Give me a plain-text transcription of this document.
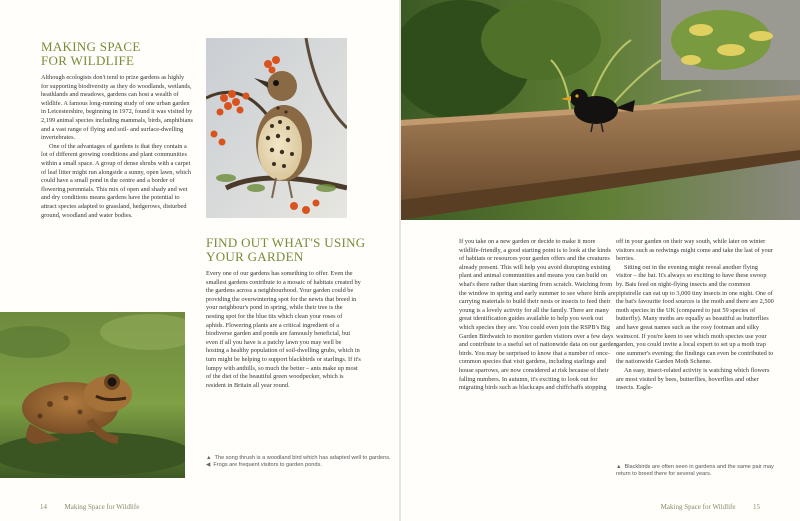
MAKING SPACE
FOR WILDLIFE

Although ecologists don't tend to prize gardens as highly for supporting biodiversity as they do woodlands, wetlands, heathlands and meadows, gardens can host a wealth of wildlife. A famous long-running study of one urban garden in Leicestershire, beginning in 1972, found it was visited by 2,199 animal species including mammals, birds, amphibians and a vast range of flying and soil- and surface-dwelling invertebrates.

One of the advantages of gardens is that they contain a lot of different growing conditions and plant communities within a small space. A group of dense shrubs with a carpet of leaf litter might run alongside a sunny, open lawn, which could have a small pond in the centre and a border of flowering perennials. This mix of open and shady and wet and dry conditions means gardens have the potential to attract species adapted to grassland, hedgerows, disturbed ground, woodland and water bodies.

FIND OUT WHAT'S USING
YOUR GARDEN

Every one of our gardens has something to offer. Even the smallest gardens contribute to a mosaic of habitats created by the gardens across a neighbourhood. Your garden could be providing the overwintering spot for the newts that breed in your neighbour's pond in spring, while their tree is the nesting spot for the blue tits which clean your roses of aphids. Flowering plants are a critical ingredient of a biodiverse garden and ponds are famously beneficial, but even if all you have is a patchy lawn you may well be hosting a healthy population of soil-dwelling grubs, which in turn might be helping to support blackbirds or starlings. If it's lumpy with anthills, so much the better – ants make up most of the diet of the beautiful green woodpecker, which is resident in Britain all year round.

▲ The song thrush is a woodland bird which has adapted well to gardens.
◀ Frogs are frequent visitors to garden ponds.
14	Making Space for Wildlife

If you take on a new garden or decide to make it more wildlife-friendly, a good starting point is to look at the kinds of habitats or resources your garden offers and the creatures already present. This will help you avoid disrupting existing plant and animal communities and means you can build on what's there rather than starting from scratch. Watching from the window in spring and early summer to see where birds are carrying materials to build their nests or insects to feed their young is a lovely activity for all the family. There are many great identification guides available to help you work out which species they are. You could even join the RSPB's Big Garden Birdwatch to monitor garden visitors over a few days and contribute to a useful set of nationwide data on our garden birds. You may be surprised to know that a number of once-common species that visit gardens, including starlings and house sparrows, are now considered at risk because of their falling numbers. In autumn, it's exciting to look out for migrating birds such as blackcaps and chiffchaffs stopping

off in your garden on their way south, while later on winter visitors such as redwings might come and take the last of your berries.

Sitting out in the evening might reveal another flying visitor – the bat. It's always so exciting to have these swoop by. Bats feed on night-flying insects and the common pipistrelle can eat up to 3,000 tiny insects in one night. One of the bat's favourite food sources is the moth and there are 2,500 moth species in the UK (compared to just 59 species of butterfly). Many moths are equally as beautiful as butterflies and have great names such as the rosy footman and silky wainscot. If you're keen to see which moth species use your garden, you could invite a local expert to set up a moth trap one summer's evening; the findings can even be contributed to the nationwide Garden Moth Scheme.

An easy, insect-related activity is watching which flowers are most visited by bees, butterflies, hoverflies and other insects. Eagle-

▲ Blackbirds are often seen in gardens and the same pair may return to breed there for several years.
Making Space for Wildlife	15
